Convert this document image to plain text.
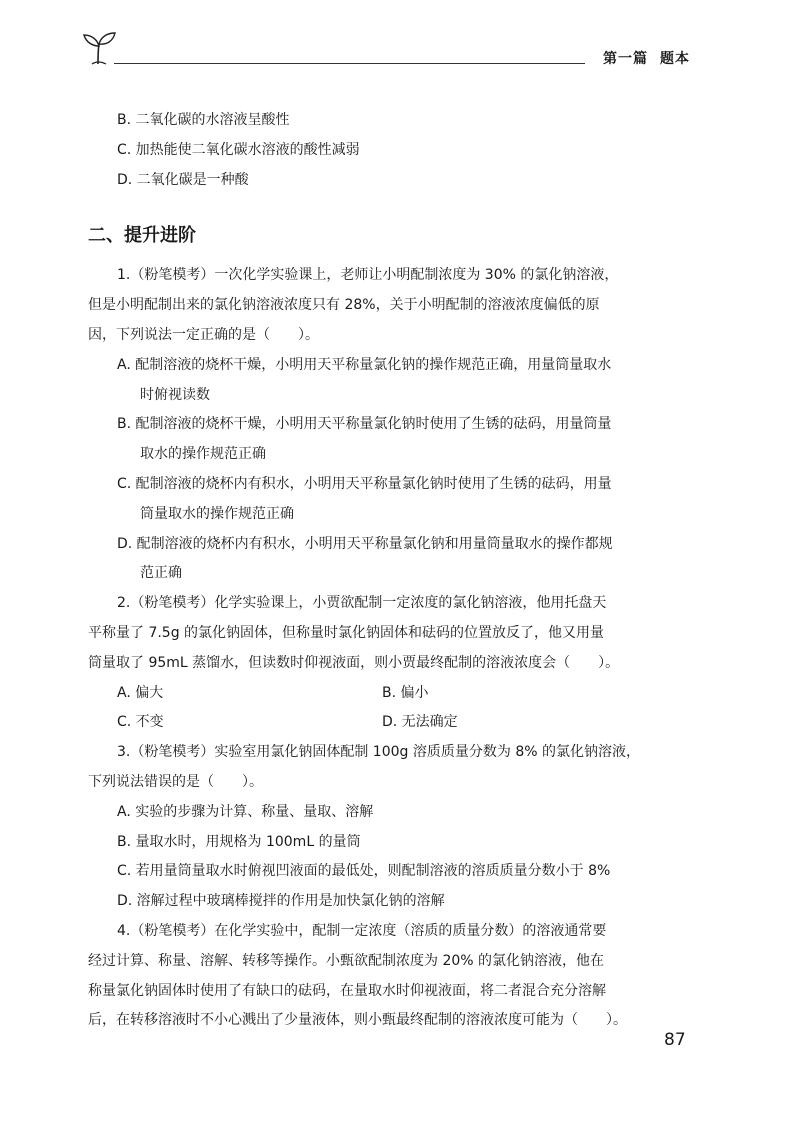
第一篇 题本
B. 二氧化碳的水溶液呈酸性
C. 加热能使二氧化碳水溶液的酸性减弱
D. 二氧化碳是一种酸
二、提升进阶
1.（粉笔模考）一次化学实验课上，老师让小明配制浓度为 30% 的氯化钠溶液，
但是小明配制出来的氯化钠溶液浓度只有 28%，关于小明配制的溶液浓度偏低的原
因，下列说法一定正确的是（　　）。
A. 配制溶液的烧杯干燥，小明用天平称量氯化钠的操作规范正确，用量筒量取水
时俯视读数
B. 配制溶液的烧杯干燥，小明用天平称量氯化钠时使用了生锈的砝码，用量筒量
取水的操作规范正确
C. 配制溶液的烧杯内有积水，小明用天平称量氯化钠时使用了生锈的砝码，用量
筒量取水的操作规范正确
D. 配制溶液的烧杯内有积水，小明用天平称量氯化钠和用量筒量取水的操作都规
范正确
2.（粉笔模考）化学实验课上，小贾欲配制一定浓度的氯化钠溶液，他用托盘天
平称量了 7.5g 的氯化钠固体，但称量时氯化钠固体和砝码的位置放反了，他又用量
筒量取了 95mL 蒸馏水，但读数时仰视液面，则小贾最终配制的溶液浓度会（　　）。
A. 偏大	B. 偏小
C. 不变	D. 无法确定
3.（粉笔模考）实验室用氯化钠固体配制 100g 溶质质量分数为 8% 的氯化钠溶液，
下列说法错误的是（　　）。
A. 实验的步骤为计算、称量、量取、溶解
B. 量取水时，用规格为 100mL 的量筒
C. 若用量筒量取水时俯视凹液面的最低处，则配制溶液的溶质质量分数小于 8%
D. 溶解过程中玻璃棒搅拌的作用是加快氯化钠的溶解
4.（粉笔模考）在化学实验中，配制一定浓度（溶质的质量分数）的溶液通常要
经过计算、称量、溶解、转移等操作。小甄欲配制浓度为 20% 的氯化钠溶液，他在
称量氯化钠固体时使用了有缺口的砝码，在量取水时仰视液面，将二者混合充分溶解
后，在转移溶液时不小心溅出了少量液体，则小甄最终配制的溶液浓度可能为（　　）。
87
